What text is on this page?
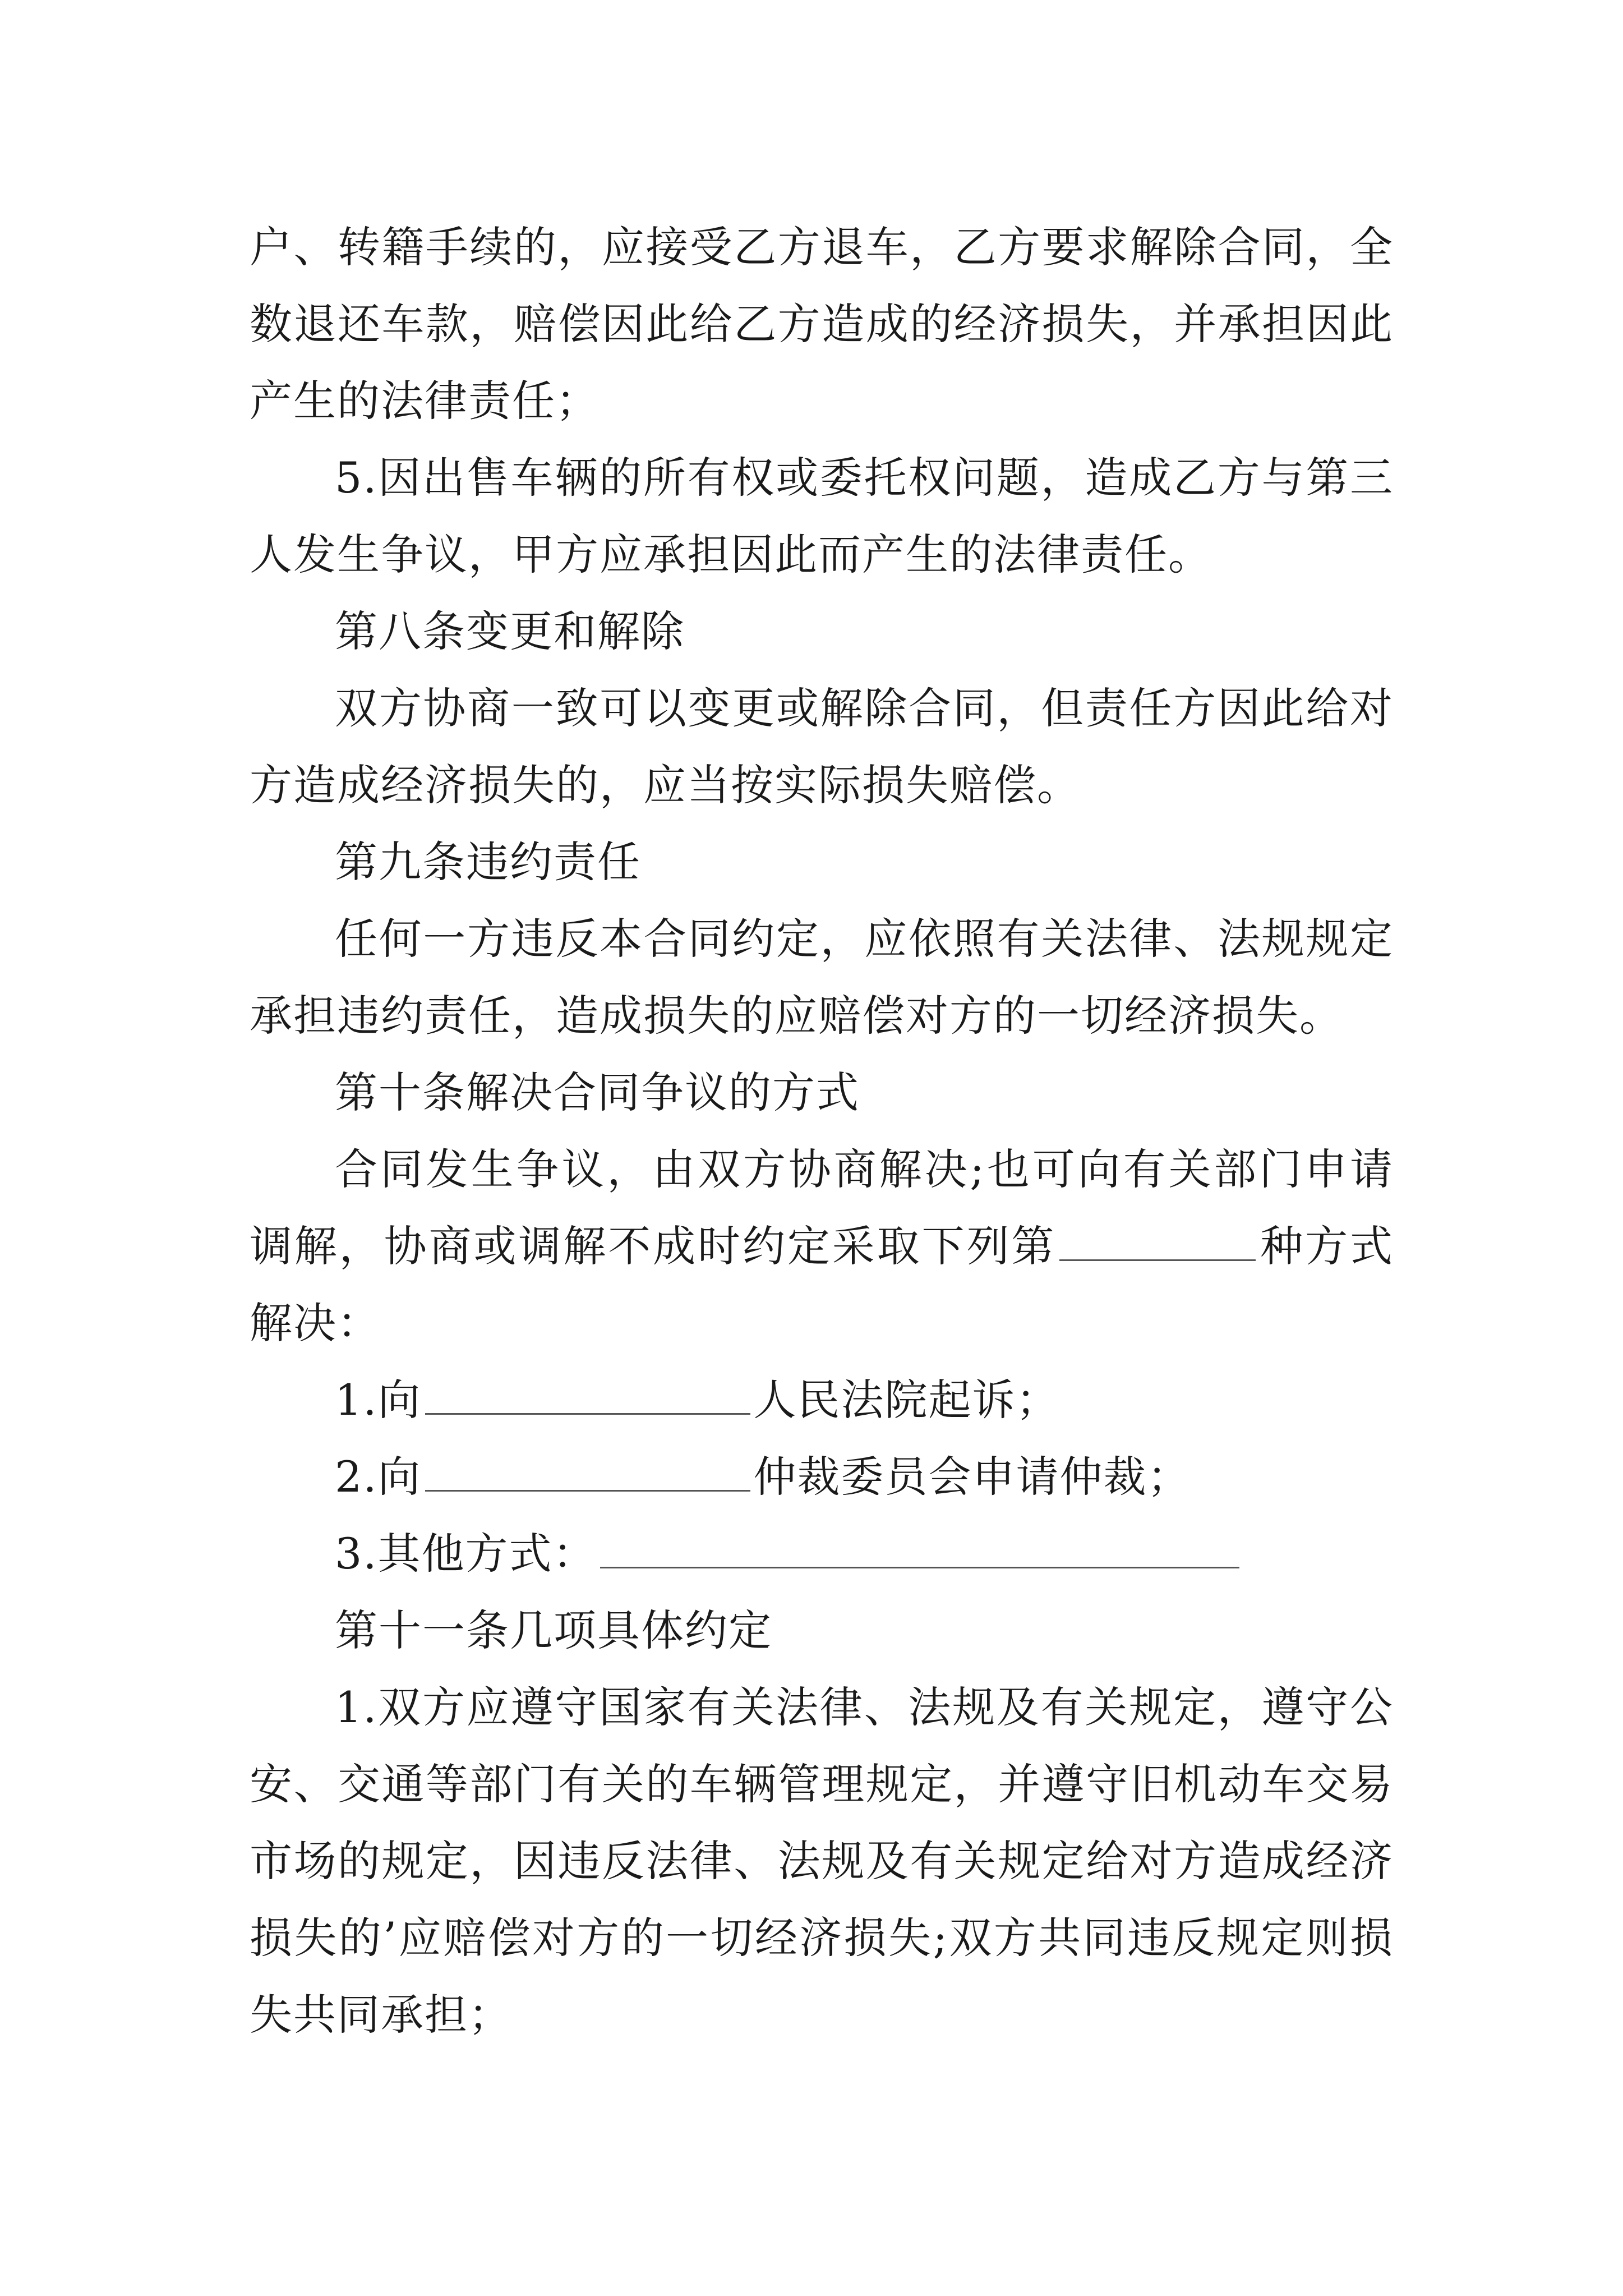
户、转籍手续的，应接受乙方退车，乙方要求解除合同，全数退还车款，赔偿因此给乙方造成的经济损失，并承担因此产生的法律责任；

5.因出售车辆的所有权或委托权问题，造成乙方与第三人发生争议，甲方应承担因此而产生的法律责任。

第八条变更和解除

双方协商一致可以变更或解除合同，但责任方因此给对方造成经济损失的，应当按实际损失赔偿。

第九条违约责任

任何一方违反本合同约定，应依照有关法律、法规规定承担违约责任，造成损失的应赔偿对方的一切经济损失。

第十条解决合同争议的方式

合同发生争议，由双方协商解决;也可向有关部门申请调解，协商或调解不成时约定采取下列第	种方式解决：

1.向	人民法院起诉；

2.向	仲裁委员会申请仲裁；

3.其他方式：

第十一条几项具体约定

1.双方应遵守国家有关法律、法规及有关规定，遵守公安、交通等部门有关的车辆管理规定，并遵守旧机动车交易市场的规定，因违反法律、法规及有关规定给对方造成经济损失的’应赔偿对方的一切经济损失;双方共同违反规定则损失共同承担；
